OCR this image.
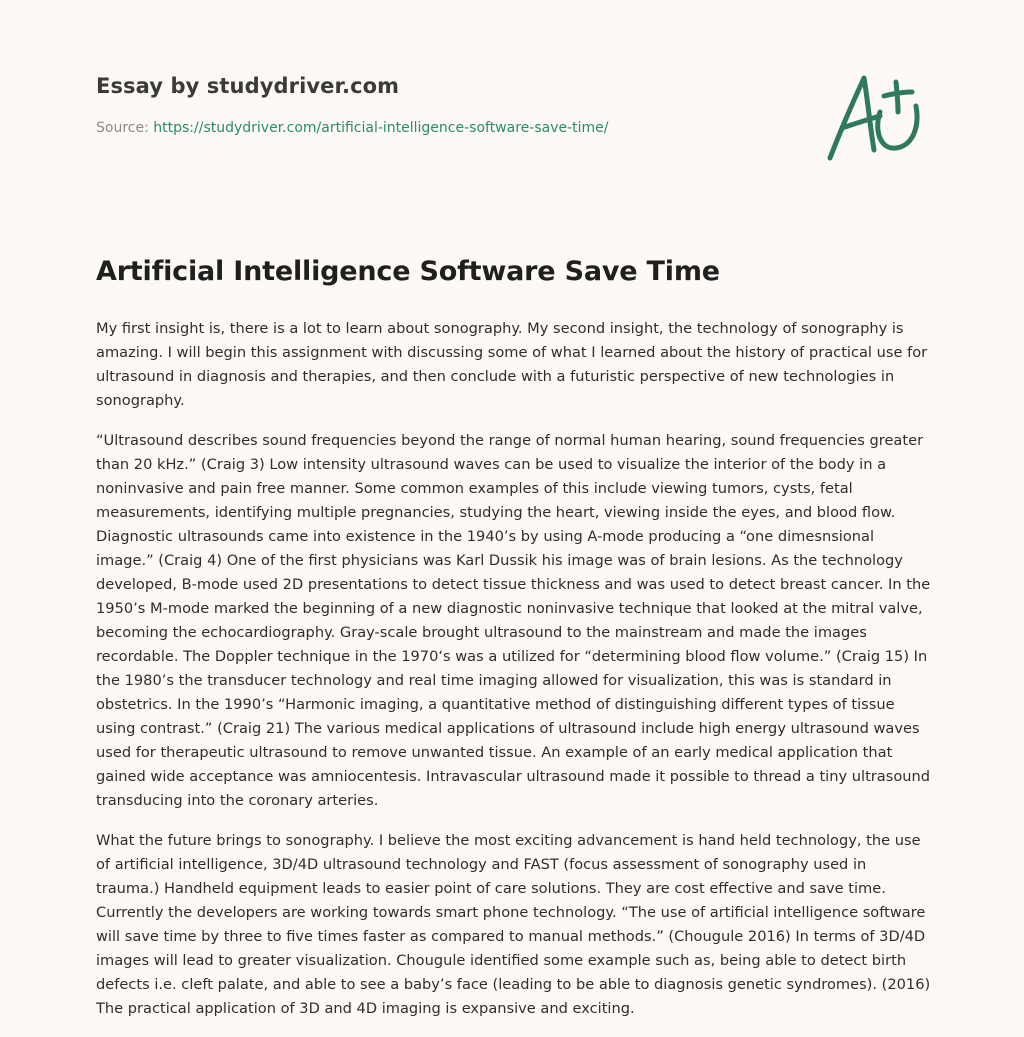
Essay by studydriver.com
Source: https://studydriver.com/artificial-intelligence-software-save-time/
Artificial Intelligence Software Save Time

My first insight is, there is a lot to learn about sonography. My second insight, the technology of sonography is amazing. I will begin this assignment with discussing some of what I learned about the history of practical use for ultrasound in diagnosis and therapies, and then conclude with a futuristic perspective of new technologies in sonography.

“Ultrasound describes sound frequencies beyond the range of normal human hearing, sound frequencies greater than 20 kHz.” (Craig 3) Low intensity ultrasound waves can be used to visualize the interior of the body in a noninvasive and pain free manner. Some common examples of this include viewing tumors, cysts, fetal measurements, identifying multiple pregnancies, studying the heart, viewing inside the eyes, and blood flow. Diagnostic ultrasounds came into existence in the 1940’s by using A-mode producing a “one dimesnsional image.” (Craig 4) One of the first physicians was Karl Dussik his image was of brain lesions. As the technology developed, B-mode used 2D presentations to detect tissue thickness and was used to detect breast cancer. In the 1950’s M-mode marked the beginning of a new diagnostic noninvasive technique that looked at the mitral valve, becoming the echocardiography. Gray-scale brought ultrasound to the mainstream and made the images recordable. The Doppler technique in the 1970‘s was a utilized for “determining blood flow volume.” (Craig 15) In the 1980’s the transducer technology and real time imaging allowed for visualization, this was is standard in obstetrics. In the 1990’s “Harmonic imaging, a quantitative method of distinguishing different types of tissue using contrast.” (Craig 21) The various medical applications of ultrasound include high energy ultrasound waves used for therapeutic ultrasound to remove unwanted tissue. An example of an early medical application that gained wide acceptance was amniocentesis. Intravascular ultrasound made it possible to thread a tiny ultrasound transducing into the coronary arteries.

What the future brings to sonography. I believe the most exciting advancement is hand held technology, the use of artificial intelligence, 3D/4D ultrasound technology and FAST (focus assessment of sonography used in trauma.) Handheld equipment leads to easier point of care solutions. They are cost effective and save time. Currently the developers are working towards smart phone technology. “The use of artificial intelligence software will save time by three to five times faster as compared to manual methods.” (Chougule 2016) In terms of 3D/4D images will lead to greater visualization. Chougule identified some example such as, being able to detect birth defects i.e. cleft palate, and able to see a baby’s face (leading to be able to diagnosis genetic syndromes). (2016) The practical application of 3D and 4D imaging is expansive and exciting.
